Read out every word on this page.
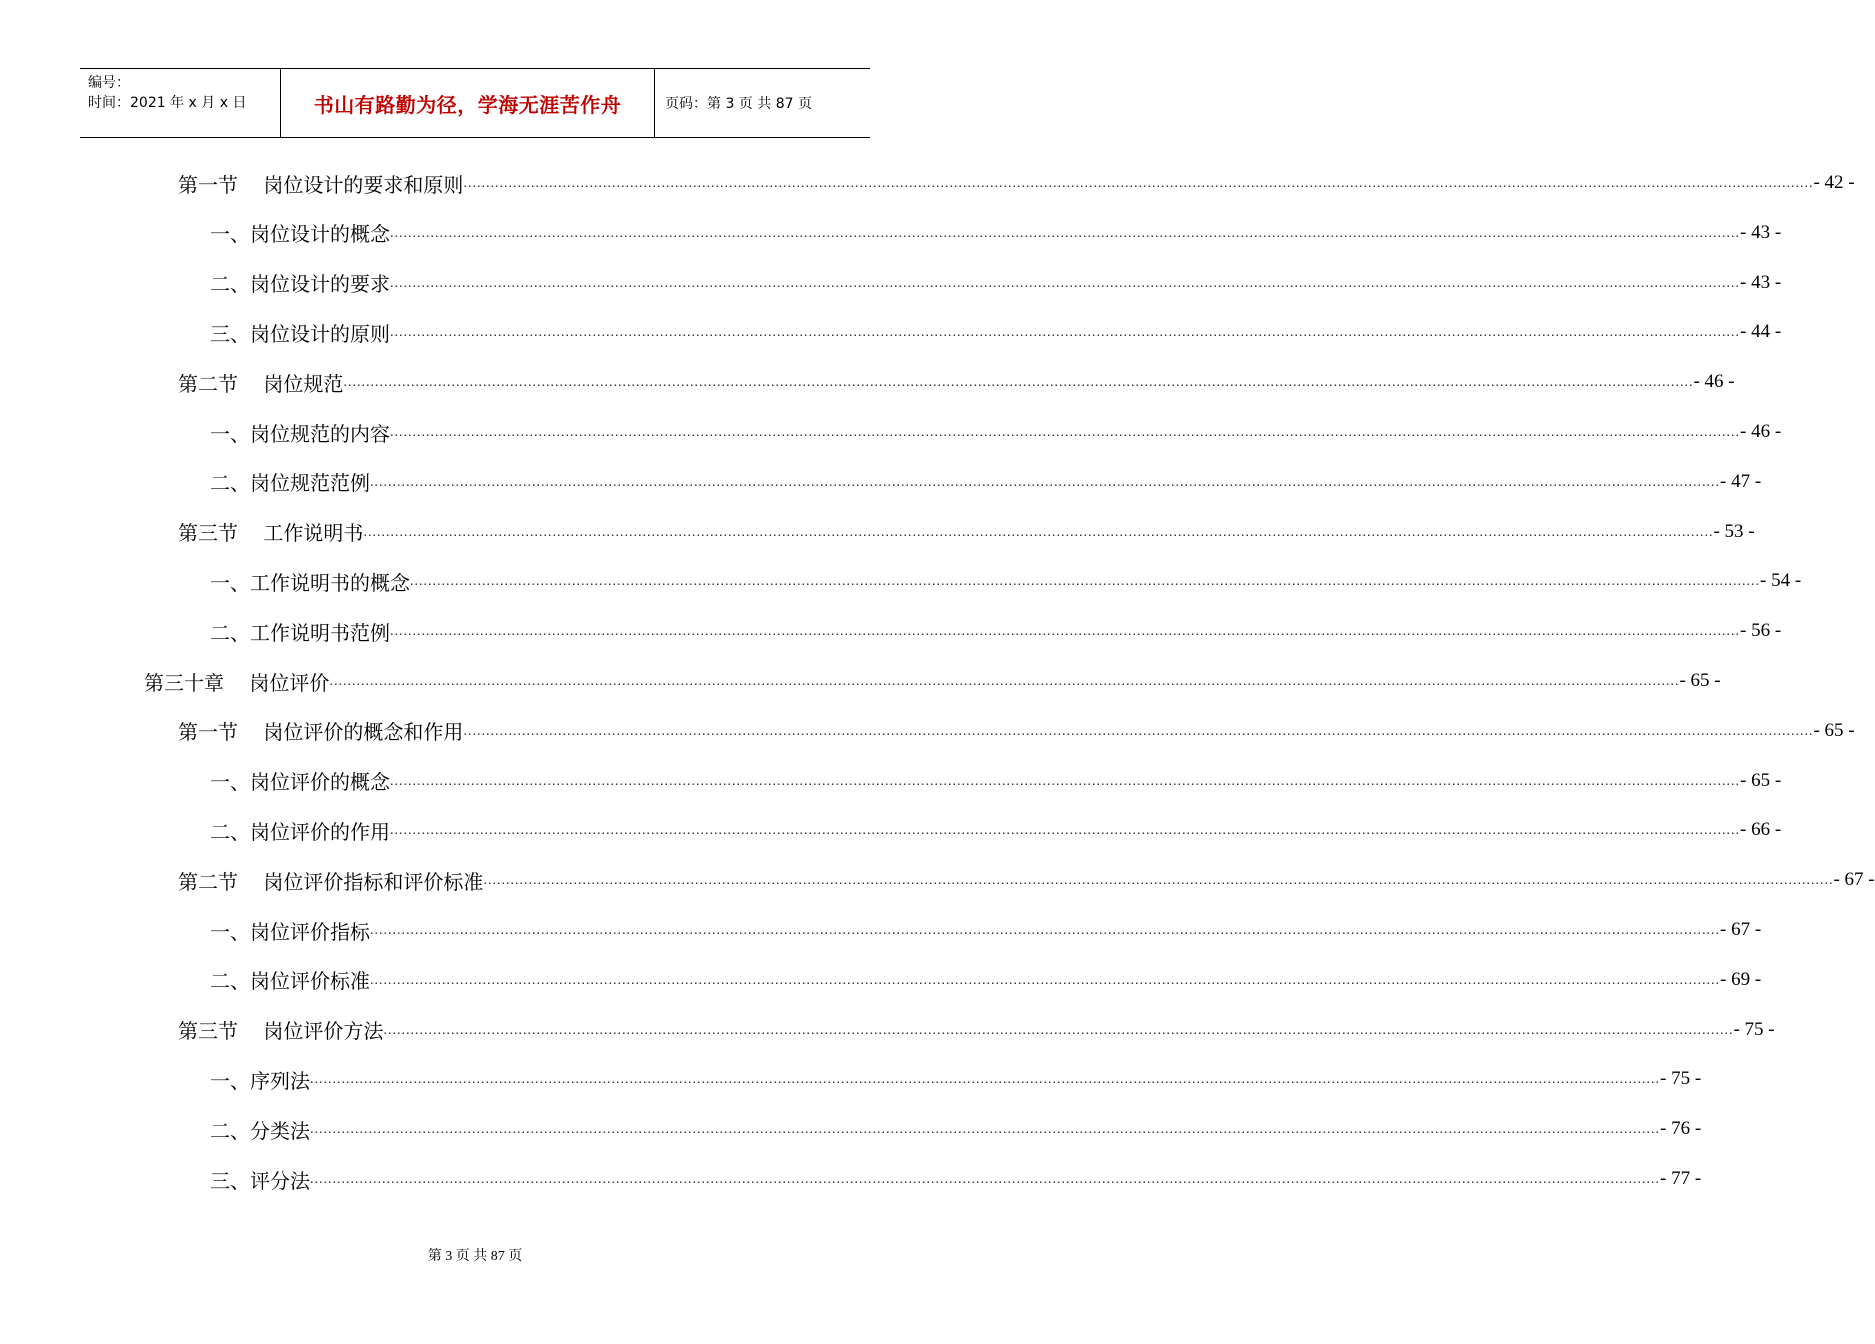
编号：
时间：2021 年 x 月 x 日	书山有路勤为径，学海无涯苦作舟	页码：第 3 页 共 87 页
第一节    岗位设计的要求和原则 ............................................................................................................................................................................................................................................................................................................ - 42 -
一、岗位设计的概念 ............................................................................................................................................................................................................................................................................................................ - 43 -
二、岗位设计的要求 ............................................................................................................................................................................................................................................................................................................ - 43 -
三、岗位设计的原则 ............................................................................................................................................................................................................................................................................................................ - 44 -
第二节    岗位规范 ............................................................................................................................................................................................................................................................................................................ - 46 -
一、岗位规范的内容 ............................................................................................................................................................................................................................................................................................................ - 46 -
二、岗位规范范例 ............................................................................................................................................................................................................................................................................................................ - 47 -
第三节    工作说明书 ............................................................................................................................................................................................................................................................................................................ - 53 -
一、工作说明书的概念 ............................................................................................................................................................................................................................................................................................................ - 54 -
二、工作说明书范例 ............................................................................................................................................................................................................................................................................................................ - 56 -
第三十章    岗位评价 ............................................................................................................................................................................................................................................................................................................ - 65 -
第一节    岗位评价的概念和作用 ............................................................................................................................................................................................................................................................................................................ - 65 -
一、岗位评价的概念 ............................................................................................................................................................................................................................................................................................................ - 65 -
二、岗位评价的作用 ............................................................................................................................................................................................................................................................................................................ - 66 -
第二节    岗位评价指标和评价标准 ............................................................................................................................................................................................................................................................................................................ - 67 -
一、岗位评价指标 ............................................................................................................................................................................................................................................................................................................ - 67 -
二、岗位评价标准 ............................................................................................................................................................................................................................................................................................................ - 69 -
第三节    岗位评价方法 ............................................................................................................................................................................................................................................................................................................ - 75 -
一、序列法 ............................................................................................................................................................................................................................................................................................................ - 75 -
二、分类法 ............................................................................................................................................................................................................................................................................................................ - 76 -
三、评分法 ............................................................................................................................................................................................................................................................................................................ - 77 -
第 3 页 共 87 页
